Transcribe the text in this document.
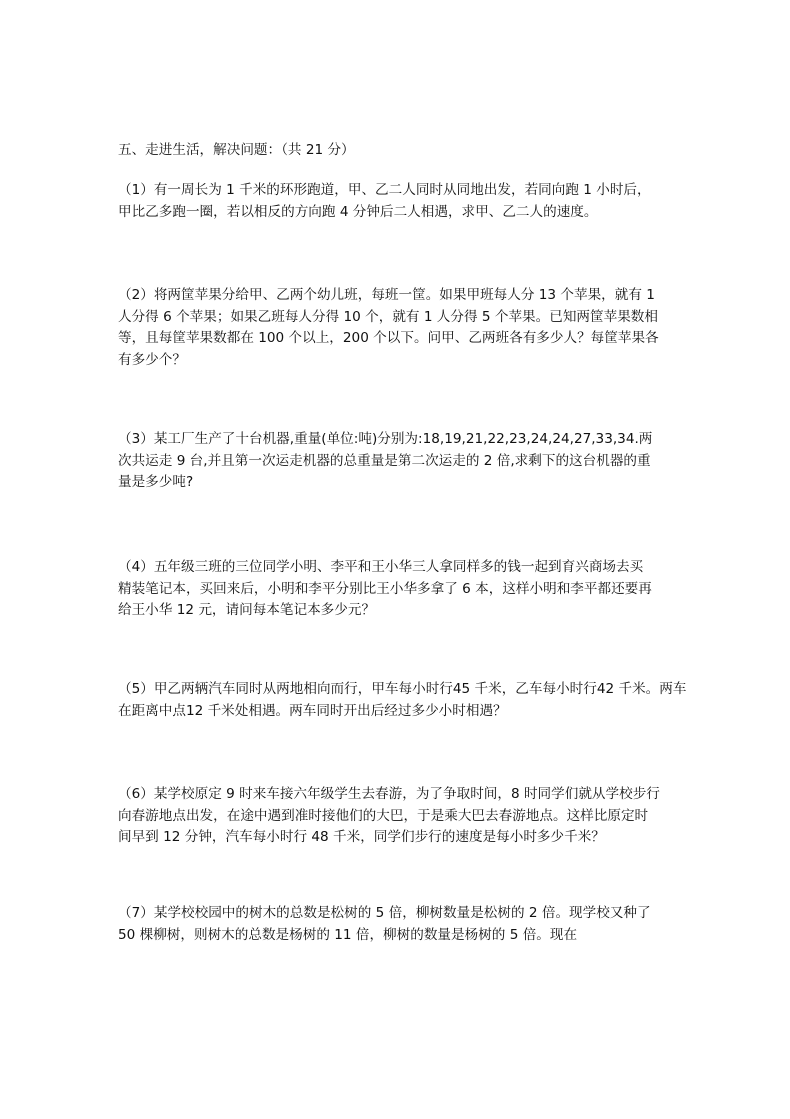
五、走进生活，解决问题：（共 21 分）
（1）有一周长为 1 千米的环形跑道，甲、乙二人同时从同地出发，若同向跑 1 小时后，
甲比乙多跑一圈，若以相反的方向跑 4 分钟后二人相遇，求甲、乙二人的速度。
（2）将两筐苹果分给甲、乙两个幼儿班，每班一筐。如果甲班每人分 13 个苹果，就有 1
人分得 6 个苹果；如果乙班每人分得 10 个，就有 1 人分得 5 个苹果。已知两筐苹果数相
等，且每筐苹果数都在 100 个以上，200 个以下。问甲、乙两班各有多少人？每筐苹果各
有多少个？
（3）某工厂生产了十台机器,重量(单位:吨)分别为:18,19,21,22,23,24,24,27,33,34.两
次共运走 9 台,并且第一次运走机器的总重量是第二次运走的 2 倍,求剩下的这台机器的重
量是多少吨?
（4）五年级三班的三位同学小明、李平和王小华三人拿同样多的钱一起到育兴商场去买
精装笔记本，买回来后，小明和李平分别比王小华多拿了 6 本，这样小明和李平都还要再
给王小华 12 元，请问每本笔记本多少元？
（5）甲乙两辆汽车同时从两地相向而行，甲车每小时行45 千米，乙车每小时行42 千米。两车
在距离中点12 千米处相遇。两车同时开出后经过多少小时相遇？
（6）某学校原定 9 时来车接六年级学生去春游，为了争取时间，8 时同学们就从学校步行
向春游地点出发，在途中遇到准时接他们的大巴，于是乘大巴去春游地点。这样比原定时
间早到 12 分钟，汽车每小时行 48 千米，同学们步行的速度是每小时多少千米？
（7）某学校校园中的树木的总数是松树的 5 倍，柳树数量是松树的 2 倍。现学校又种了
50 棵柳树，则树木的总数是杨树的 11 倍，柳树的数量是杨树的 5 倍。现在
